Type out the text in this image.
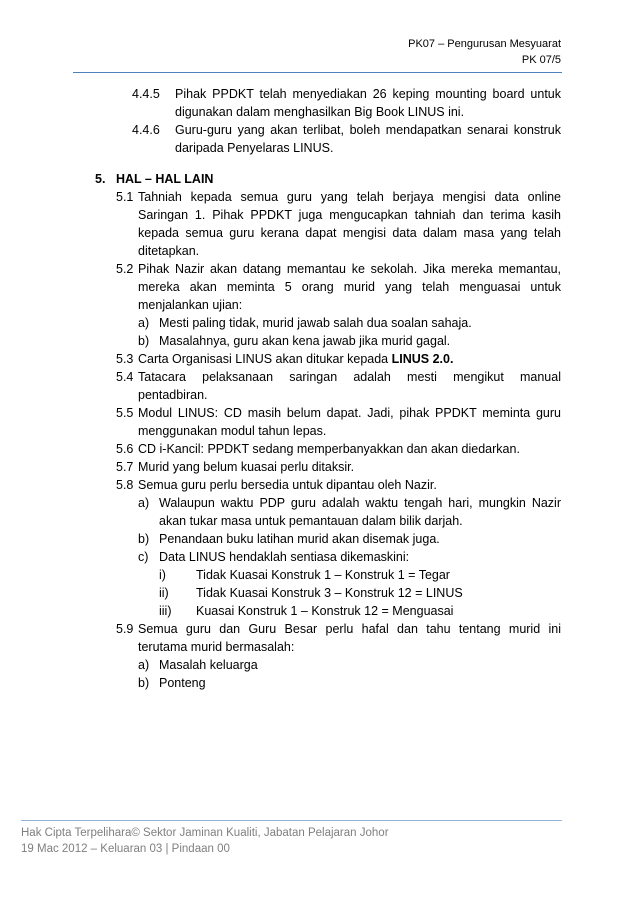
PK07 – Pengurusan Mesyuarat
PK 07/5
4.4.5 Pihak PPDKT telah menyediakan 26 keping mounting board untuk
digunakan dalam menghasilkan Big Book LINUS ini.
4.4.6 Guru-guru yang akan terlibat, boleh mendapatkan senarai konstruk
daripada Penyelaras LINUS.
5. HAL – HAL LAIN
5.1 Tahniah kepada semua guru yang telah berjaya mengisi data online
Saringan 1. Pihak PPDKT juga mengucapkan tahniah dan terima kasih
kepada semua guru kerana dapat mengisi data dalam masa yang telah
ditetapkan.
5.2 Pihak Nazir akan datang memantau ke sekolah. Jika mereka memantau,
mereka akan meminta 5 orang murid yang telah menguasai untuk
menjalankan ujian:
a) Mesti paling tidak, murid jawab salah dua soalan sahaja.
b) Masalahnya, guru akan kena jawab jika murid gagal.
5.3 Carta Organisasi LINUS akan ditukar kepada LINUS 2.0.
5.4 Tatacara pelaksanaan saringan adalah mesti mengikut manual
pentadbiran.
5.5 Modul LINUS: CD masih belum dapat. Jadi, pihak PPDKT meminta guru
menggunakan modul tahun lepas.
5.6 CD i-Kancil: PPDKT sedang memperbanyakkan dan akan diedarkan.
5.7 Murid yang belum kuasai perlu ditaksir.
5.8 Semua guru perlu bersedia untuk dipantau oleh Nazir.
a) Walaupun waktu PDP guru adalah waktu tengah hari, mungkin Nazir
akan tukar masa untuk pemantauan dalam bilik darjah.
b) Penandaan buku latihan murid akan disemak juga.
c) Data LINUS hendaklah sentiasa dikemaskini:
i) Tidak Kuasai Konstruk 1 – Konstruk 1 = Tegar
ii) Tidak Kuasai Konstruk 3 – Konstruk 12 = LINUS
iii) Kuasai Konstruk 1 – Konstruk 12 = Menguasai
5.9 Semua guru dan Guru Besar perlu hafal dan tahu tentang murid ini
terutama murid bermasalah:
a) Masalah keluarga
b) Ponteng
Hak Cipta Terpelihara© Sektor Jaminan Kualiti, Jabatan Pelajaran Johor
19 Mac 2012 – Keluaran 03 | Pindaan 00
